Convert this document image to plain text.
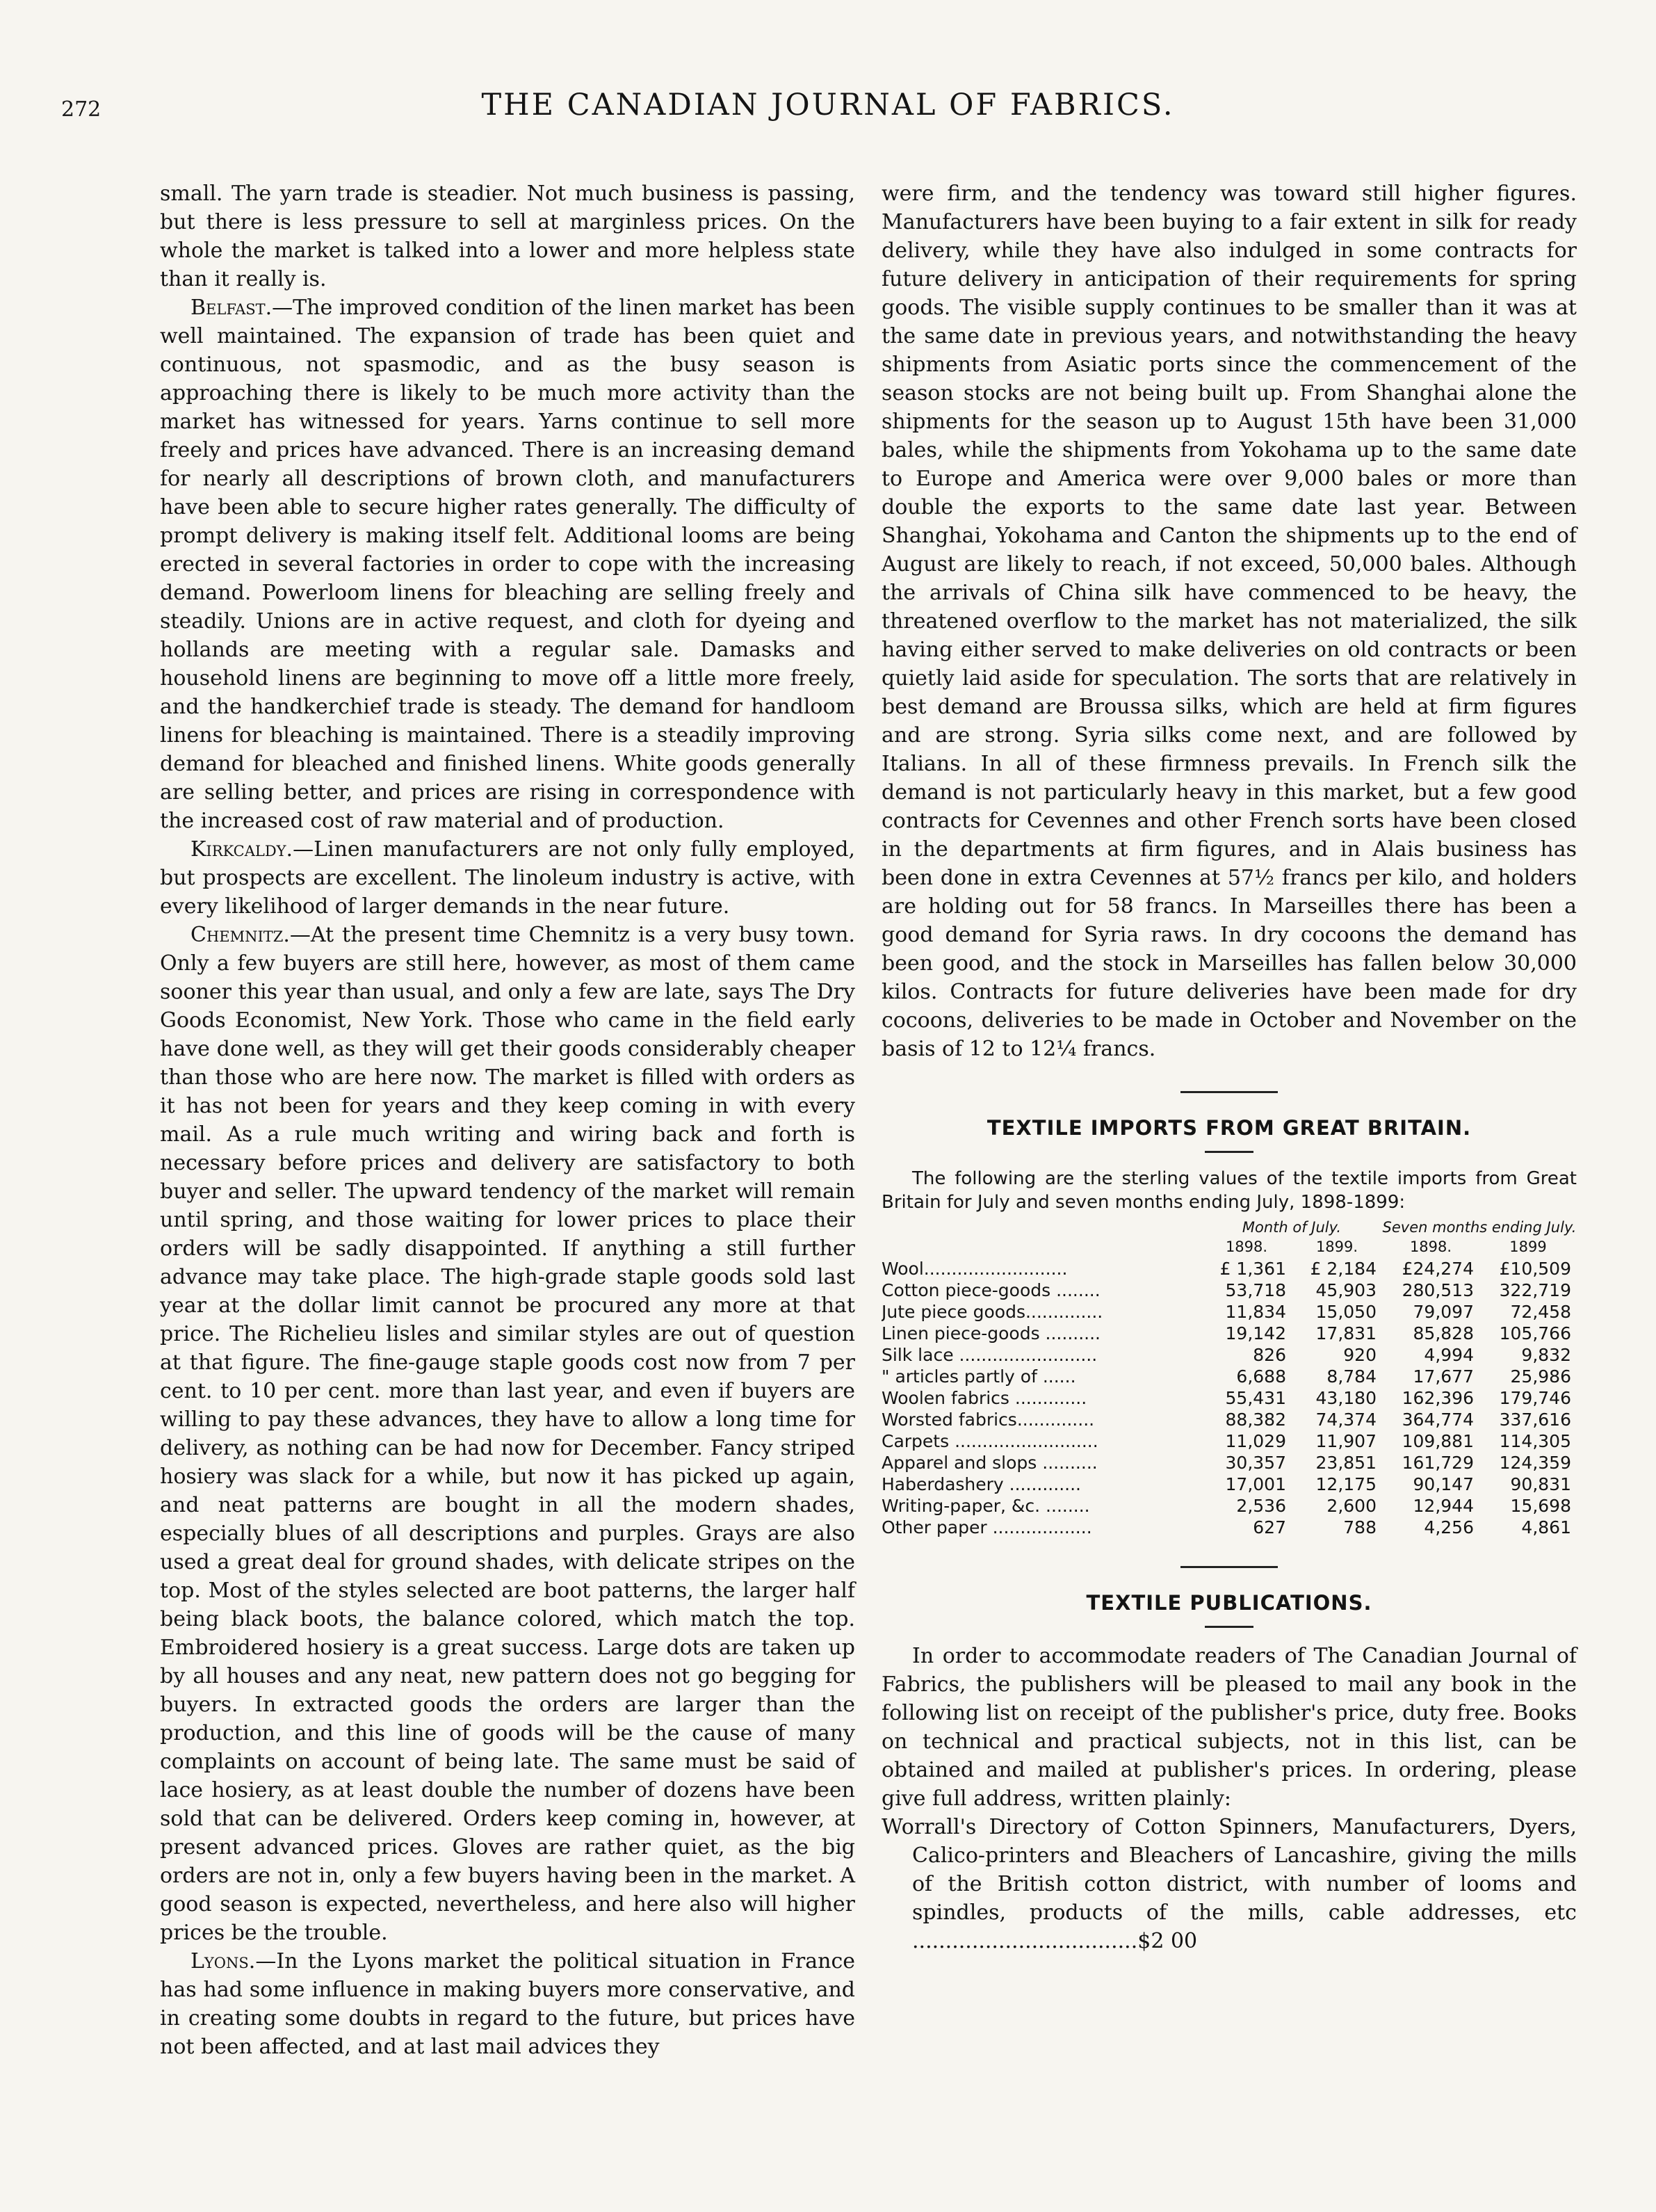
272	THE CANADIAN JOURNAL OF FABRICS.

small. The yarn trade is steadier. Not much business is passing, but there is less pressure to sell at marginless prices. On the whole the market is talked into a lower and more helpless state than it really is.

Belfast.—The improved condition of the linen market has been well maintained. The expansion of trade has been quiet and continuous, not spasmodic, and as the busy season is approaching there is likely to be much more activity than the market has witnessed for years. Yarns continue to sell more freely and prices have advanced. There is an increasing demand for nearly all descriptions of brown cloth, and manufacturers have been able to secure higher rates generally. The difficulty of prompt delivery is making itself felt. Additional looms are being erected in several factories in order to cope with the increasing demand. Powerloom linens for bleaching are selling freely and steadily. Unions are in active request, and cloth for dyeing and hollands are meeting with a regular sale. Damasks and household linens are beginning to move off a little more freely, and the handkerchief trade is steady. The demand for handloom linens for bleaching is maintained. There is a steadily improving demand for bleached and finished linens. White goods generally are selling better, and prices are rising in correspondence with the increased cost of raw material and of production.

Kirkcaldy.—Linen manufacturers are not only fully employed, but prospects are excellent. The linoleum industry is active, with every likelihood of larger demands in the near future.

Chemnitz.—At the present time Chemnitz is a very busy town. Only a few buyers are still here, however, as most of them came sooner this year than usual, and only a few are late, says The Dry Goods Economist, New York. Those who came in the field early have done well, as they will get their goods considerably cheaper than those who are here now. The market is filled with orders as it has not been for years and they keep coming in with every mail. As a rule much writing and wiring back and forth is necessary before prices and delivery are satisfactory to both buyer and seller. The upward tendency of the market will remain until spring, and those waiting for lower prices to place their orders will be sadly disappointed. If anything a still further advance may take place. The high-grade staple goods sold last year at the dollar limit cannot be procured any more at that price. The Richelieu lisles and similar styles are out of question at that figure. The fine-gauge staple goods cost now from 7 per cent. to 10 per cent. more than last year, and even if buyers are willing to pay these advances, they have to allow a long time for delivery, as nothing can be had now for December. Fancy striped hosiery was slack for a while, but now it has picked up again, and neat patterns are bought in all the modern shades, especially blues of all descriptions and purples. Grays are also used a great deal for ground shades, with delicate stripes on the top. Most of the styles selected are boot patterns, the larger half being black boots, the balance colored, which match the top. Embroidered hosiery is a great success. Large dots are taken up by all houses and any neat, new pattern does not go begging for buyers. In extracted goods the orders are larger than the production, and this line of goods will be the cause of many complaints on account of being late. The same must be said of lace hosiery, as at least double the number of dozens have been sold that can be delivered. Orders keep coming in, however, at present advanced prices. Gloves are rather quiet, as the big orders are not in, only a few buyers having been in the market. A good season is expected, nevertheless, and here also will higher prices be the trouble.

Lyons.—In the Lyons market the political situation in France has had some influence in making buyers more conservative, and in creating some doubts in regard to the future, but prices have not been affected, and at last mail advices they

were firm, and the tendency was toward still higher figures. Manufacturers have been buying to a fair extent in silk for ready delivery, while they have also indulged in some contracts for future delivery in anticipation of their requirements for spring goods. The visible supply continues to be smaller than it was at the same date in previous years, and notwithstanding the heavy shipments from Asiatic ports since the commencement of the season stocks are not being built up. From Shanghai alone the shipments for the season up to August 15th have been 31,000 bales, while the shipments from Yokohama up to the same date to Europe and America were over 9,000 bales or more than double the exports to the same date last year. Between Shanghai, Yokohama and Canton the shipments up to the end of August are likely to reach, if not exceed, 50,000 bales. Although the arrivals of China silk have commenced to be heavy, the threatened overflow to the market has not materialized, the silk having either served to make deliveries on old contracts or been quietly laid aside for speculation. The sorts that are relatively in best demand are Broussa silks, which are held at firm figures and are strong. Syria silks come next, and are followed by Italians. In all of these firmness prevails. In French silk the demand is not particularly heavy in this market, but a few good contracts for Cevennes and other French sorts have been closed in the departments at firm figures, and in Alais business has been done in extra Cevennes at 57½ francs per kilo, and holders are holding out for 58 francs. In Marseilles there has been a good demand for Syria raws. In dry cocoons the demand has been good, and the stock in Marseilles has fallen below 30,000 kilos. Contracts for future deliveries have been made for dry cocoons, deliveries to be made in October and November on the basis of 12 to 12¼ francs.

TEXTILE IMPORTS FROM GREAT BRITAIN.

The following are the sterling values of the textile imports from Great Britain for July and seven months ending July, 1898-1899:

	Month of July.		Seven months ending July.	
	1898.	1899.	1898.	1899
Wool..........................	£ 1,361	£ 2,184	£24,274	£10,509
Cotton piece-goods ........	53,718	45,903	280,513	322,719
Jute piece goods..............	11,834	15,050	79,097	72,458
Linen piece-goods ..........	19,142	17,831	85,828	105,766
Silk lace .........................	826	920	4,994	9,832
" articles partly of ......	6,688	8,784	17,677	25,986
Woolen fabrics .............	55,431	43,180	162,396	179,746
Worsted fabrics..............	88,382	74,374	364,774	337,616
Carpets ..........................	11,029	11,907	109,881	114,305
Apparel and slops ..........	30,357	23,851	161,729	124,359
Haberdashery .............	17,001	12,175	90,147	90,831
Writing-paper, &c. ........	2,536	2,600	12,944	15,698
Other paper ..................	627	788	4,256	4,861
TEXTILE PUBLICATIONS.

In order to accommodate readers of The Canadian Journal of Fabrics, the publishers will be pleased to mail any book in the following list on receipt of the publisher's price, duty free. Books on technical and practical subjects, not in this list, can be obtained and mailed at publisher's prices. In ordering, please give full address, written plainly:

Worrall's Directory of Cotton Spinners, Manufacturers, Dyers, Calico-printers and Bleachers of Lancashire, giving the mills of the British cotton district, with number of looms and spindles, products of the mills, cable addresses, etc ..................................$2 00
